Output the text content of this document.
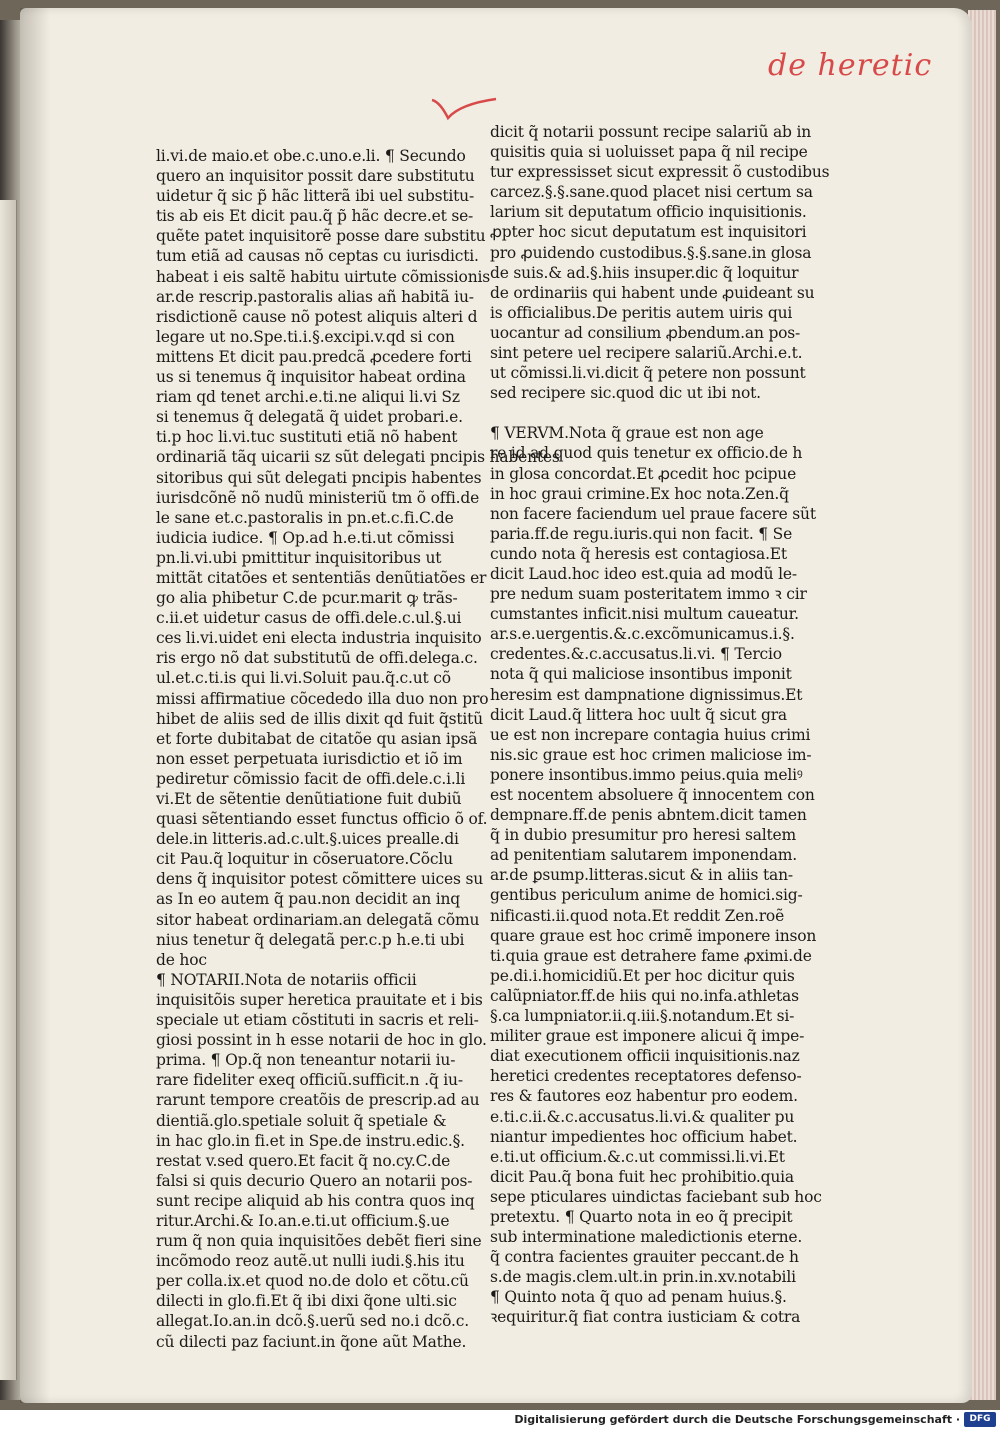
de heretic
li.vi.de maio.et obe.c.uno.e.li. ¶ Secundo
quero an inquisitor possit dare substitutu
uidetur q̃ sic p̃ hãc litterã ibi uel substitu-
tis ab eis Et dicit pau.q̃ p̃ hãc decre.et se-
quẽte patet inquisitorẽ posse dare substitu
tum etiã ad causas nõ ceptas cu iurisdicti.
habeat i eis saltẽ habitu uirtute cõmissionis
ar.de rescrip.pastoralis alias añ habitã iu-
risdictionẽ cause nõ potest aliquis alteri d
legare ut no.Spe.ti.i.§.excipi.v.qd si con
mittens Et dicit pau.predcã ꝓcedere forti
us si tenemus q̃ inquisitor habeat ordina
riam qd tenet archi.e.ti.ne aliqui li.vi Sz
si tenemus q̃ delegatã q̃ uidet probari.e.
ti.p hoc li.vi.tuc sustituti etiã nõ habent
ordinariã tãq uicarii sz sũt delegati pncipis habentes
sitoribus qui sũt delegati pncipis habentes
iurisdcõnẽ nõ nudũ ministeriũ tm õ offi.de
le sane et.c.pastoralis in pn.et.c.fi.C.de
iudicia iudice. ¶ Op.ad h.e.ti.ut cõmissi
pn.li.vi.ubi pmittitur inquisitoribus ut
mittãt citatões et sententiãs denũtiatões er
go alia phibetur C.de pcur.marit ꝙ trãs-
c.ii.et uidetur casus de offi.dele.c.ul.§.ui
ces li.vi.uidet eni electa industria inquisito
ris ergo nõ dat substitutũ de offi.delega.c.
ul.et.c.ti.is qui li.vi.Soluit pau.q̃.c.ut cõ
missi affirmatiue cõcededo illa duo non pro
hibet de aliis sed de illis dixit qd fuit q̃stitũ
et forte dubitabat de citatõe qu asian ipsã
non esset perpetuata iurisdictio et iõ im
pediretur cõmissio facit de offi.dele.c.i.li
vi.Et de sẽtentie denũtiatione fuit dubiũ
quasi sẽtentiando esset functus officio õ of.
dele.in litteris.ad.c.ult.§.uices prealle.di
cit Pau.q̃ loquitur in cõseruatore.Cõclu
dens q̃ inquisitor potest cõmittere uices su
as In eo autem q̃ pau.non decidit an inq
sitor habeat ordinariam.an delegatã cõmu
nius tenetur q̃ delegatã per.c.p h.e.ti ubi
de hoc
¶ NOTARII.Nota de notariis officii
inquisitõis super heretica prauitate et i bis
speciale ut etiam cõstituti in sacris et reli-
giosi possint in h esse notarii de hoc in glo.
prima. ¶ Op.q̃ non teneantur notarii iu-
rare fideliter exeq officiũ.sufficit.n .q̃ iu-
rarunt tempore creatõis de prescrip.ad au
dientiã.glo.spetiale soluit q̃ spetiale &
in hac glo.in fi.et in Spe.de instru.edic.§.
restat v.sed quero.Et facit q̃ no.cy.C.de
falsi si quis decurio Quero an notarii pos-
sunt recipe aliquid ab his contra quos inq
ritur.Archi.& Io.an.e.ti.ut officium.§.ue
rum q̃ non quia inquisitões debẽt fieri sine
incõmodo reoz autẽ.ut nulli iudi.§.his itu
per colla.ix.et quod no.de dolo et cõtu.cũ
dilecti in glo.fi.Et q̃ ibi dixi q̃one ulti.sic
allegat.Io.an.in dcõ.§.uerũ sed no.i dcõ.c.
cũ dilecti paz faciunt.in q̃one aũt Mathe.
dicit q̃ notarii possunt recipe salariũ ab in
quisitis quia si uoluisset papa q̃ nil recipe
tur expressisset sicut expressit õ custodibus
carcez.§.§.sane.quod placet nisi certum sa
larium sit deputatum officio inquisitionis.
ꝓpter hoc sicut deputatum est inquisitori
pro ꝓuidendo custodibus.§.§.sane.in glosa
de suis.& ad.§.hiis insuper.dic q̃ loquitur
de ordinariis qui habent unde ꝓuideant su
is officialibus.De peritis autem uiris qui
uocantur ad consilium ꝓbendum.an pos-
sint petere uel recipere salariũ.Archi.e.t.
ut cõmissi.li.vi.dicit q̃ petere non possunt
sed recipere sic.quod dic ut ibi not.
¶ VERVM.Nota q̃ graue est non age
re id ad quod quis tenetur ex officio.de h
in glosa concordat.Et ꝓcedit hoc pcipue
in hoc graui crimine.Ex hoc nota.Zen.q̃
non facere faciendum uel praue facere sũt
paria.ff.de regu.iuris.qui non facit. ¶ Se
cundo nota q̃ heresis est contagiosa.Et
dicit Laud.hoc ideo est.quia ad modũ le-
pre nedum suam posteritatem immo ꝛ cir
cumstantes inficit.nisi multum caueatur.
ar.s.e.uergentis.&.c.excõmunicamus.i.§.
credentes.&.c.accusatus.li.vi. ¶ Tercio
nota q̃ qui maliciose insontibus imponit
heresim est dampnatione dignissimus.Et
dicit Laud.q̃ littera hoc uult q̃ sicut gra
ue est non increpare contagia huius crimi
nis.sic graue est hoc crimen maliciose im-
ponere insontibus.immo peius.quia meliꝰ
est nocentem absoluere q̃ innocentem con
dempnare.ff.de penis abntem.dicit tamen
q̃ in dubio presumitur pro heresi saltem
ad penitentiam salutarem imponendam.
ar.de ꝑsump.litteras.sicut & in aliis tan-
gentibus periculum anime de homici.sig-
nificasti.ii.quod nota.Et reddit Zen.roẽ
quare graue est hoc crimẽ imponere inson
ti.quia graue est detrahere fame ꝓximi.de
pe.di.i.homicidiũ.Et per hoc dicitur quis
calũpniator.ff.de hiis qui no.infa.athletas
§.ca lumpniator.ii.q.iii.§.notandum.Et si-
militer graue est imponere alicui q̃ impe-
diat executionem officii inquisitionis.naz
heretici credentes receptatores defenso-
res & fautores eoz habentur pro eodem.
e.ti.c.ii.&.c.accusatus.li.vi.& qualiter pu
niantur impedientes hoc officium habet.
e.ti.ut officium.&.c.ut commissi.li.vi.Et
dicit Pau.q̃ bona fuit hec prohibitio.quia
sepe pticulares uindictas faciebant sub hoc
pretextu. ¶ Quarto nota in eo q̃ precipit
sub interminatione maledictionis eterne.
q̃ contra facientes grauiter peccant.de h
s.de magis.clem.ult.in prin.in.xv.notabili
¶ Quinto nota q̃ quo ad penam huius.§.
ꝛequiritur.q̃ fiat contra iusticiam & cotra
Digitalisierung gefördert durch die Deutsche Forschungsgemeinschaft ·	DFG
